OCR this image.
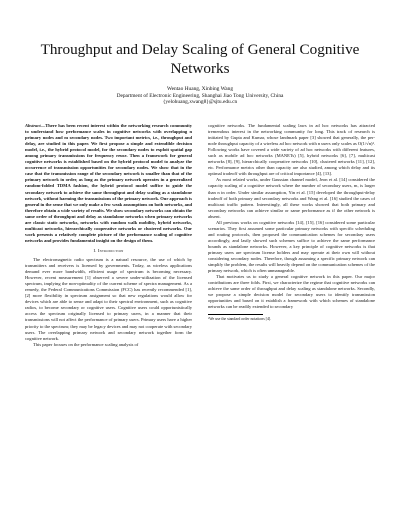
Throughput and Delay Scaling of General Cognitive Networks
Wentao Huang, Xinbing Wang
Department of Electronic Engineering, Shanghai Jiao Tong University, China
{yelohuang,xwang8}@sjtu.edu.cn

Abstract—There has been recent interest within the networking research community to understand how performance scales in cognitive networks with overlapping n primary nodes and m secondary nodes. Two important metrics, i.e., throughput and delay, are studied in this paper. We first propose a simple and extendible decision model, i.e., the hybrid protocol model, for the secondary nodes to exploit spatial gap among primary transmissions for frequency reuse. Then a framework for general cognitive networks is established based on the hybrid protocol model to analyze the occurrence of transmission opportunities for secondary nodes. We show that in the case that the transmission range of the secondary network is smaller than that of the primary network in order, as long as the primary network operates in a generalized random-folded TDMA fashion, the hybrid protocol model suffice to guide the secondary network to achieve the same throughput and delay scaling as a standalone network, without harming the transmissions of the primary network. Our approach is general in the sense that we only make a few weak assumptions on both networks, and therefore obtain a wide variety of results. We show secondary networks can obtain the same order of throughput and delay as standalone networks when primary networks are classic static networks, networks with random walk mobility, hybrid networks, multicast networks, hierarchically cooperative networks or clustered networks. Our work presents a relatively complete picture of the performance scaling of cognitive networks and provides fundamental insight on the design of them.

I. Introduction

The electromagnetic radio spectrum is a natural resource, the use of which by transmitters and receivers is licensed by governments. Today, as wireless applications demand ever more bandwidth, efficient usage of spectrum is becoming necessary. However, recent measurement [1] observed a severe under-utilization of the licensed spectrum, implying the non-optimality of the current scheme of spectra management. As a remedy, the Federal Communications Commission (FCC) has recently recommended [1], [2] more flexibility in spectrum assignment so that new regulations would allow for devices which are able to sense and adapt to their spectral environment, such as cognitive radios, to become secondary or cognitive users. Cognitive users could opportunistically access the spectrum originally licensed to primary users, in a manner that their transmissions will not affect the performance of primary users. Primary users have a higher priority to the spectrum; they may be legacy devices and may not cooperate with secondary users. The overlapping primary network and secondary network together form the cognitive network.

This paper focuses on the performance scaling analysis of

cognitive networks. The fundamental scaling laws in ad hoc networks has attracted tremendous interest in the networking community for long. This track of research is initiated by Gupta and Kumar, whose landmark paper [3] showed that generally, the per-node throughput capacity of a wireless ad hoc network with n users only scales as O(1/√n)¹. Following works have covered a wide variety of ad hoc networks with different features, such as mobile ad hoc networks (MANETs) [5], hybrid networks [6], [7], multicast networks [8], [9], hierarchically cooperative networks [10], clustered networks [11], [12], etc. Performance metrics other than capacity are also studied, among which delay and its optimal tradeoff with throughput are of critical importance [4], [13].

As most related works, under Gaussian channel model, Jeon et al. [14] considered the capacity scaling of a cognitive network where the number of secondary users, m, is larger than n in order. Under similar assumption, Yin et al. [15] developed the throughput-delay tradeoff of both primary and secondary networks and Wang et al. [16] studied the cases of multicast traffic pattern. Interestingly, all these works showed that both primary and secondary networks can achieve similar or same performance as if the other network is absent.

All previous works on cognitive networks [14], [15], [16] considered some particular scenarios. They first assumed some particular primary networks with specific scheduling and routing protocols, then proposed the communication schemes for secondary users accordingly, and lastly showed such schemes suffice to achieve the same performance bounds as standalone networks. However, a key principle of cognitive networks is that primary users are spectrum license holders and may operate at their own will without considering secondary nodes. Therefore, though assuming a specific primary network can simplify the problem, the results will heavily depend on the communication schemes of the primary network, which is often unmanageable.

That motivates us to study a general cognitive network in this paper. Our major contributions are three folds. First, we characterize the regime that cognitive networks can achieve the same order of throughput and delay scaling as standalone networks. Secondly, we propose a simple decision model for secondary users to identify transmission opportunities and based on it establish a framework with which schemes of standalone networks can be readily extended to secondary

¹We use the standard order notations [4].
